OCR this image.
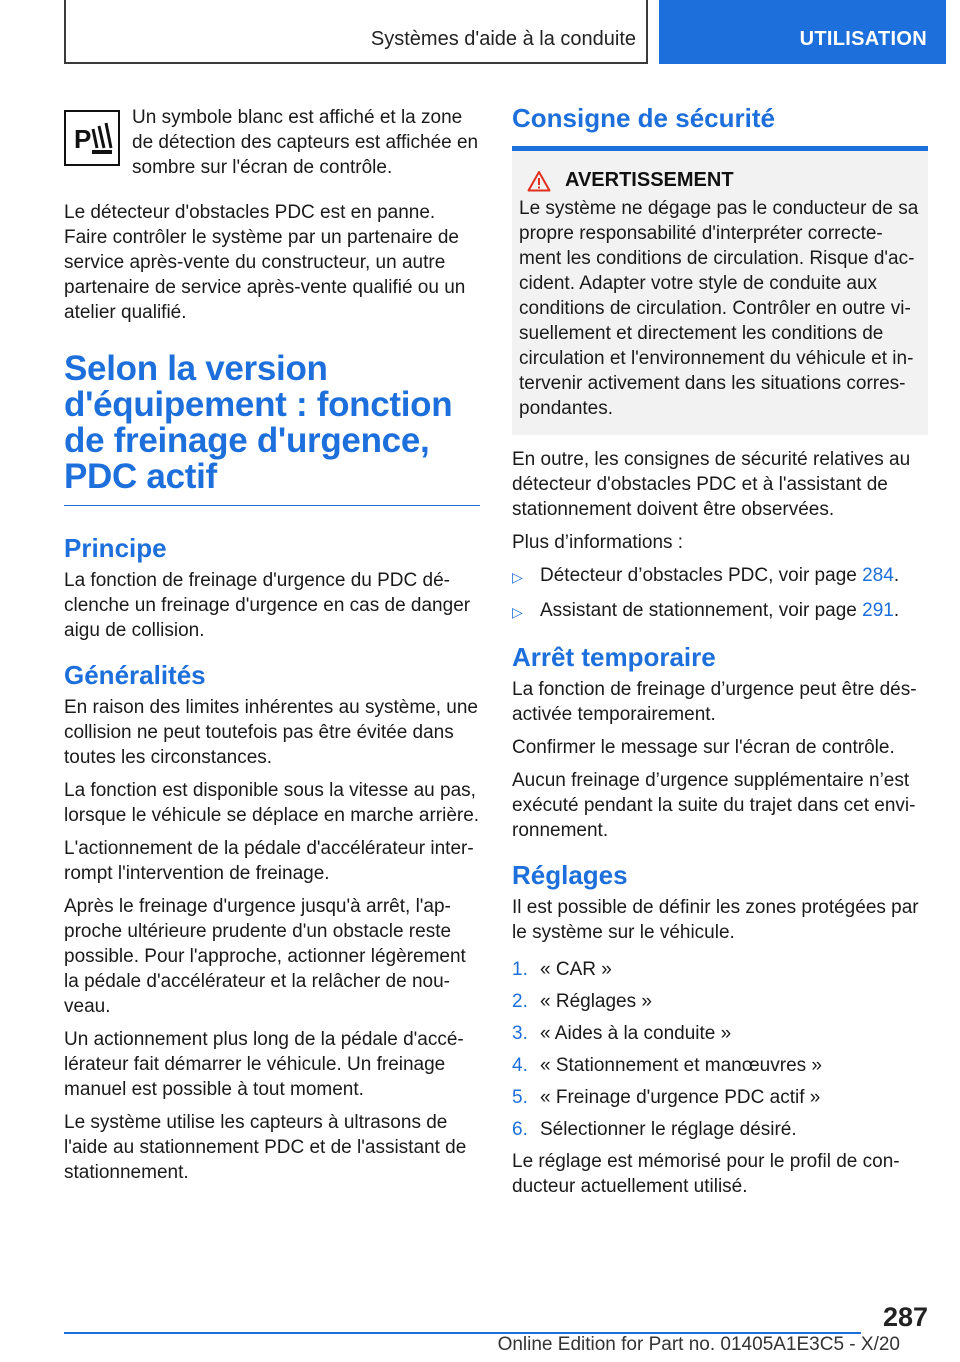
Systèmes d'aide à la conduite	UTILISATION
P
Un symbole blanc est affiché et la zone de détection des capteurs est affichée en sombre sur l'écran de contrôle.

Le détecteur d'obstacles PDC est en panne. Faire contrôler le système par un partenaire de service après-vente du constructeur, un autre partenaire de service après-vente qualifié ou un atelier qualifié.

Selon la version d'équipement : fonction de freinage d'urgence, PDC actif
Principe

La fonction de freinage d'urgence du PDC dé-clenche un freinage d'urgence en cas de danger aigu de collision.

Généralités

En raison des limites inhérentes au système, une collision ne peut toutefois pas être évitée dans toutes les circonstances.

La fonction est disponible sous la vitesse au pas, lorsque le véhicule se déplace en marche arrière.

L'actionnement de la pédale d'accélérateur inter-rompt l'intervention de freinage.

Après le freinage d'urgence jusqu'à arrêt, l'ap-proche ultérieure prudente d'un obstacle reste possible. Pour l'approche, actionner légèrement la pédale d'accélérateur et la relâcher de nou-veau.

Un actionnement plus long de la pédale d'accé-lérateur fait démarrer le véhicule. Un freinage manuel est possible à tout moment.

Le système utilise les capteurs à ultrasons de l'aide au stationnement PDC et de l'assistant de stationnement.

Consigne de sécurité
AVERTISSEMENT

Le système ne dégage pas le conducteur de sa propre responsabilité d'interpréter correcte-ment les conditions de circulation. Risque d'ac-cident. Adapter votre style de conduite aux conditions de circulation. Contrôler en outre vi-suellement et directement les conditions de circulation et l'environnement du véhicule et in-tervenir activement dans les situations corres-pondantes.

En outre, les consignes de sécurité relatives au détecteur d'obstacles PDC et à l'assistant de stationnement doivent être observées.

Plus d’informations :

▷ Détecteur d’obstacles PDC, voir page 284.
▷ Assistant de stationnement, voir page 291.
Arrêt temporaire

La fonction de freinage d’urgence peut être dés-activée temporairement.

Confirmer le message sur l'écran de contrôle.

Aucun freinage d’urgence supplémentaire n’est exécuté pendant la suite du trajet dans cet envi-ronnement.

Réglages

Il est possible de définir les zones protégées par le système sur le véhicule.

1. « CAR »
2. « Réglages »
3. « Aides à la conduite »
4. « Stationnement et manœuvres »
5. « Freinage d'urgence PDC actif »
6. Sélectionner le réglage désiré.

Le réglage est mémorisé pour le profil de con-ducteur actuellement utilisé.

287
Online Edition for Part no. 01405A1E3C5 - X/20
